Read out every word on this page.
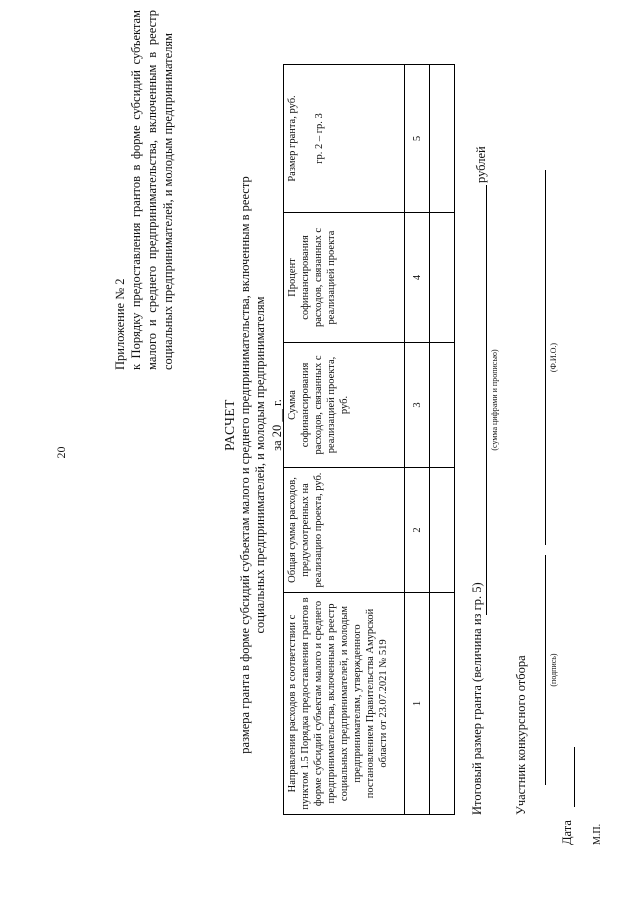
20
Приложение № 2 к Порядку предоставления грантов в форме субсидий субъектам малого и среднего предпринимательства, включенным в реестр социальных предпринимателей, и молодым предпринимателям
РАСЧЕТ размера гранта в форме субсидий субъектам малого и среднего предпринимательства, включенным в реестр социальных предпринимателей, и молодым предпринимателям за 20 __ г.
Направления расходов в соответствии с пунктом 1.5 Порядка предоставления грантов в форме субсидий субъектам малого и среднего предпринимательства, включенным в реестр социальных предпринимателей, и молодым предпринимателям, утвержденного постановлением Правительства Амурской области от 23.07.2021 № 519	Общая сумма расходов, предусмотренных на реализацию проекта, руб.	Сумма софинансирования расходов, связанных с реализацией проекта, руб.	Процент софинансирования расходов, связанных с реализацией проекта	Размер гранта, руб. гр. 2 – гр. 3

1	2	3	4	5

Итоговый размер гранта (величина из гр. 5)
(сумма цифрами и прописью)
рублей
Участник конкурсного отбора	(подпись)
(Ф.И.О.)
Дата М.П.
